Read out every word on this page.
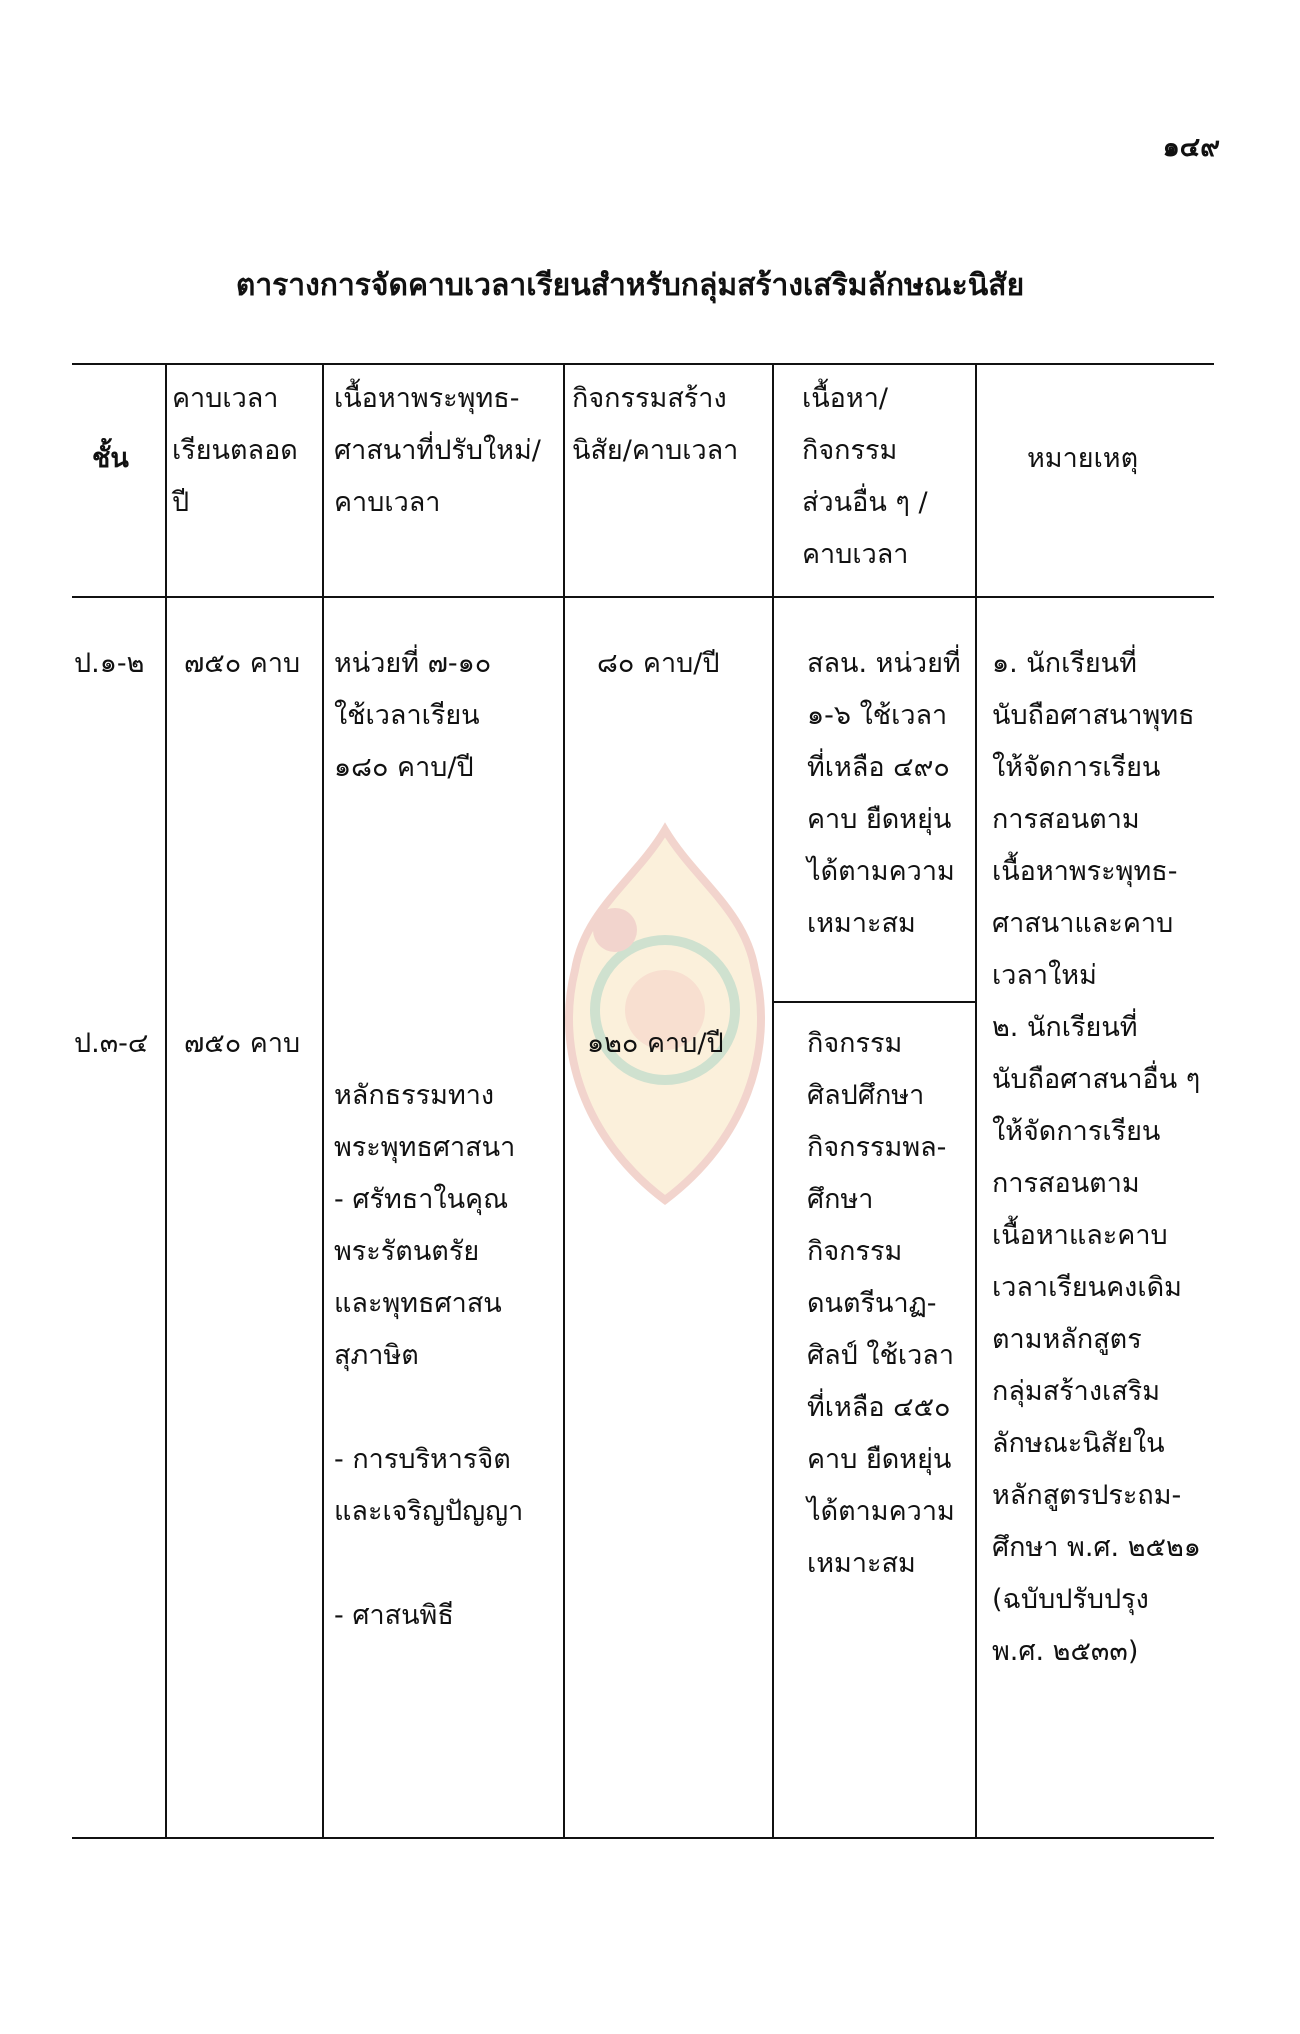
๑๔๙
ตารางการจัดคาบเวลาเรียนสำหรับกลุ่มสร้างเสริมลักษณะนิสัย
ชั้น
คาบเวลา
เรียนตลอด
ปี
เนื้อหาพระพุทธ-
ศาสนาที่ปรับใหม่/
คาบเวลา
กิจกรรมสร้าง
นิสัย/คาบเวลา
เนื้อหา/
กิจกรรม
ส่วนอื่น ๆ /
คาบเวลา
หมายเหตุ
ป.๑-๒ ๗๕๐ คาบ หน่วยที่ ๗-๑๐
ใช้เวลาเรียน
๑๘๐ คาบ/ปี
๘๐ คาบ/ปี	สลน. หน่วยที่
๑-๖ ใช้เวลา
ที่เหลือ ๔๙๐
คาบ ยืดหยุ่น
ได้ตามความ
เหมาะสม
ป.๓-๔ ๗๕๐ คาบ

หลักธรรมทาง
พระพุทธศาสนา

- ศรัทธาในคุณ
พระรัตนตรัย
และพุทธศาสน
สุภาษิต

- การบริหารจิต
และเจริญปัญญา

- ศาสนพิธี

๑๒๐ คาบ/ปี	กิจกรรม
ศิลปศึกษา
กิจกรรมพล-
ศึกษา
กิจกรรม
ดนตรีนาฏ-
ศิลป์ ใช้เวลา
ที่เหลือ ๔๕๐
คาบ ยืดหยุ่น
ได้ตามความ
เหมาะสม
๑. นักเรียนที่
นับถือศาสนาพุทธ
ให้จัดการเรียน
การสอนตาม
เนื้อหาพระพุทธ-
ศาสนาและคาบ
เวลาใหม่
๒. นักเรียนที่
นับถือศาสนาอื่น ๆ
ให้จัดการเรียน
การสอนตาม
เนื้อหาและคาบ
เวลาเรียนคงเดิม
ตามหลักสูตร
กลุ่มสร้างเสริม
ลักษณะนิสัยใน
หลักสูตรประถม-
ศึกษา พ.ศ. ๒๕๒๑
(ฉบับปรับปรุง
พ.ศ. ๒๕๓๓)
